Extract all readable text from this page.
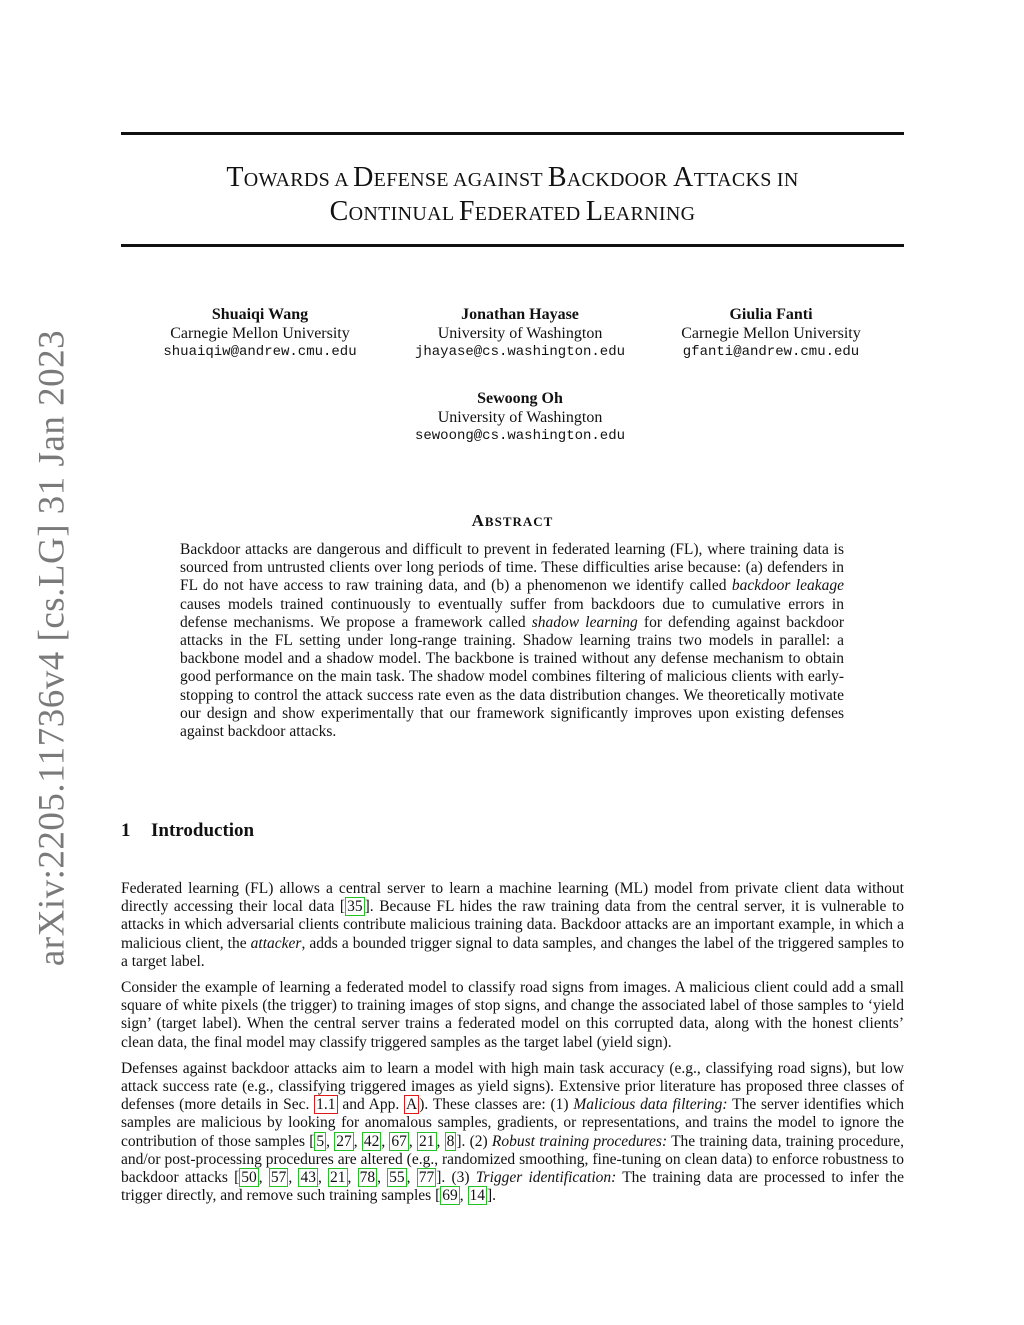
arXiv:2205.11736v4 [cs.LG] 31 Jan 2023
TOWARDS A DEFENSE AGAINST BACKDOOR ATTACKS IN
CONTINUAL FEDERATED LEARNING
Shuaiqi Wang
Carnegie Mellon University
shuaiqiw@andrew.cmu.edu
Jonathan Hayase
University of Washington
jhayase@cs.washington.edu
Giulia Fanti
Carnegie Mellon University
gfanti@andrew.cmu.edu
Sewoong Oh
University of Washington
sewoong@cs.washington.edu
ABSTRACT
Backdoor attacks are dangerous and difficult to prevent in federated learning (FL), where training data is sourced from untrusted clients over long periods of time. These difficulties arise because: (a) defenders in FL do not have access to raw training data, and (b) a phenomenon we identify called backdoor leakage causes models trained continuously to eventually suffer from backdoors due to cumulative errors in defense mechanisms. We propose a framework called shadow learning for defending against backdoor attacks in the FL setting under long-range training. Shadow learning trains two models in parallel: a backbone model and a shadow model. The backbone is trained without any defense mechanism to obtain good performance on the main task. The shadow model combines filtering of malicious clients with early-stopping to control the attack success rate even as the data distribution changes. We theoretically motivate our design and show experimentally that our framework significantly improves upon existing defenses against backdoor attacks.
1 Introduction

Federated learning (FL) allows a central server to learn a machine learning (ML) model from private client data without directly accessing their local data [ 35 ]. Because FL hides the raw training data from the central server, it is vulnerable to attacks in which adversarial clients contribute malicious training data. Backdoor attacks are an important example, in which a malicious client, the attacker, adds a bounded trigger signal to data samples, and changes the label of the triggered samples to a target label.

Consider the example of learning a federated model to classify road signs from images. A malicious client could add a small square of white pixels (the trigger) to training images of stop signs, and change the associated label of those samples to ‘yield sign’ (target label). When the central server trains a federated model on this corrupted data, along with the honest clients’ clean data, the final model may classify triggered samples as the target label (yield sign).

Defenses against backdoor attacks aim to learn a model with high main task accuracy (e.g., classifying road signs), but low attack success rate (e.g., classifying triggered images as yield signs). Extensive prior literature has proposed three classes of defenses (more details in Sec. 1.1 and App. A ). These classes are: (1) Malicious data filtering: The server identifies which samples are malicious by looking for anomalous samples, gradients, or representations, and trains the model to ignore the contribution of those samples [ 5 , 27 , 42 , 67 , 21 , 8 ]. (2) Robust training procedures: The training data, training procedure, and/or post-processing procedures are altered (e.g., randomized smoothing, fine-tuning on clean data) to enforce robustness to backdoor attacks [ 50 , 57 , 43 , 21 , 78 , 55 , 77 ]. (3) Trigger identification: The training data are processed to infer the trigger directly, and remove such training samples [ 69 , 14 ].
